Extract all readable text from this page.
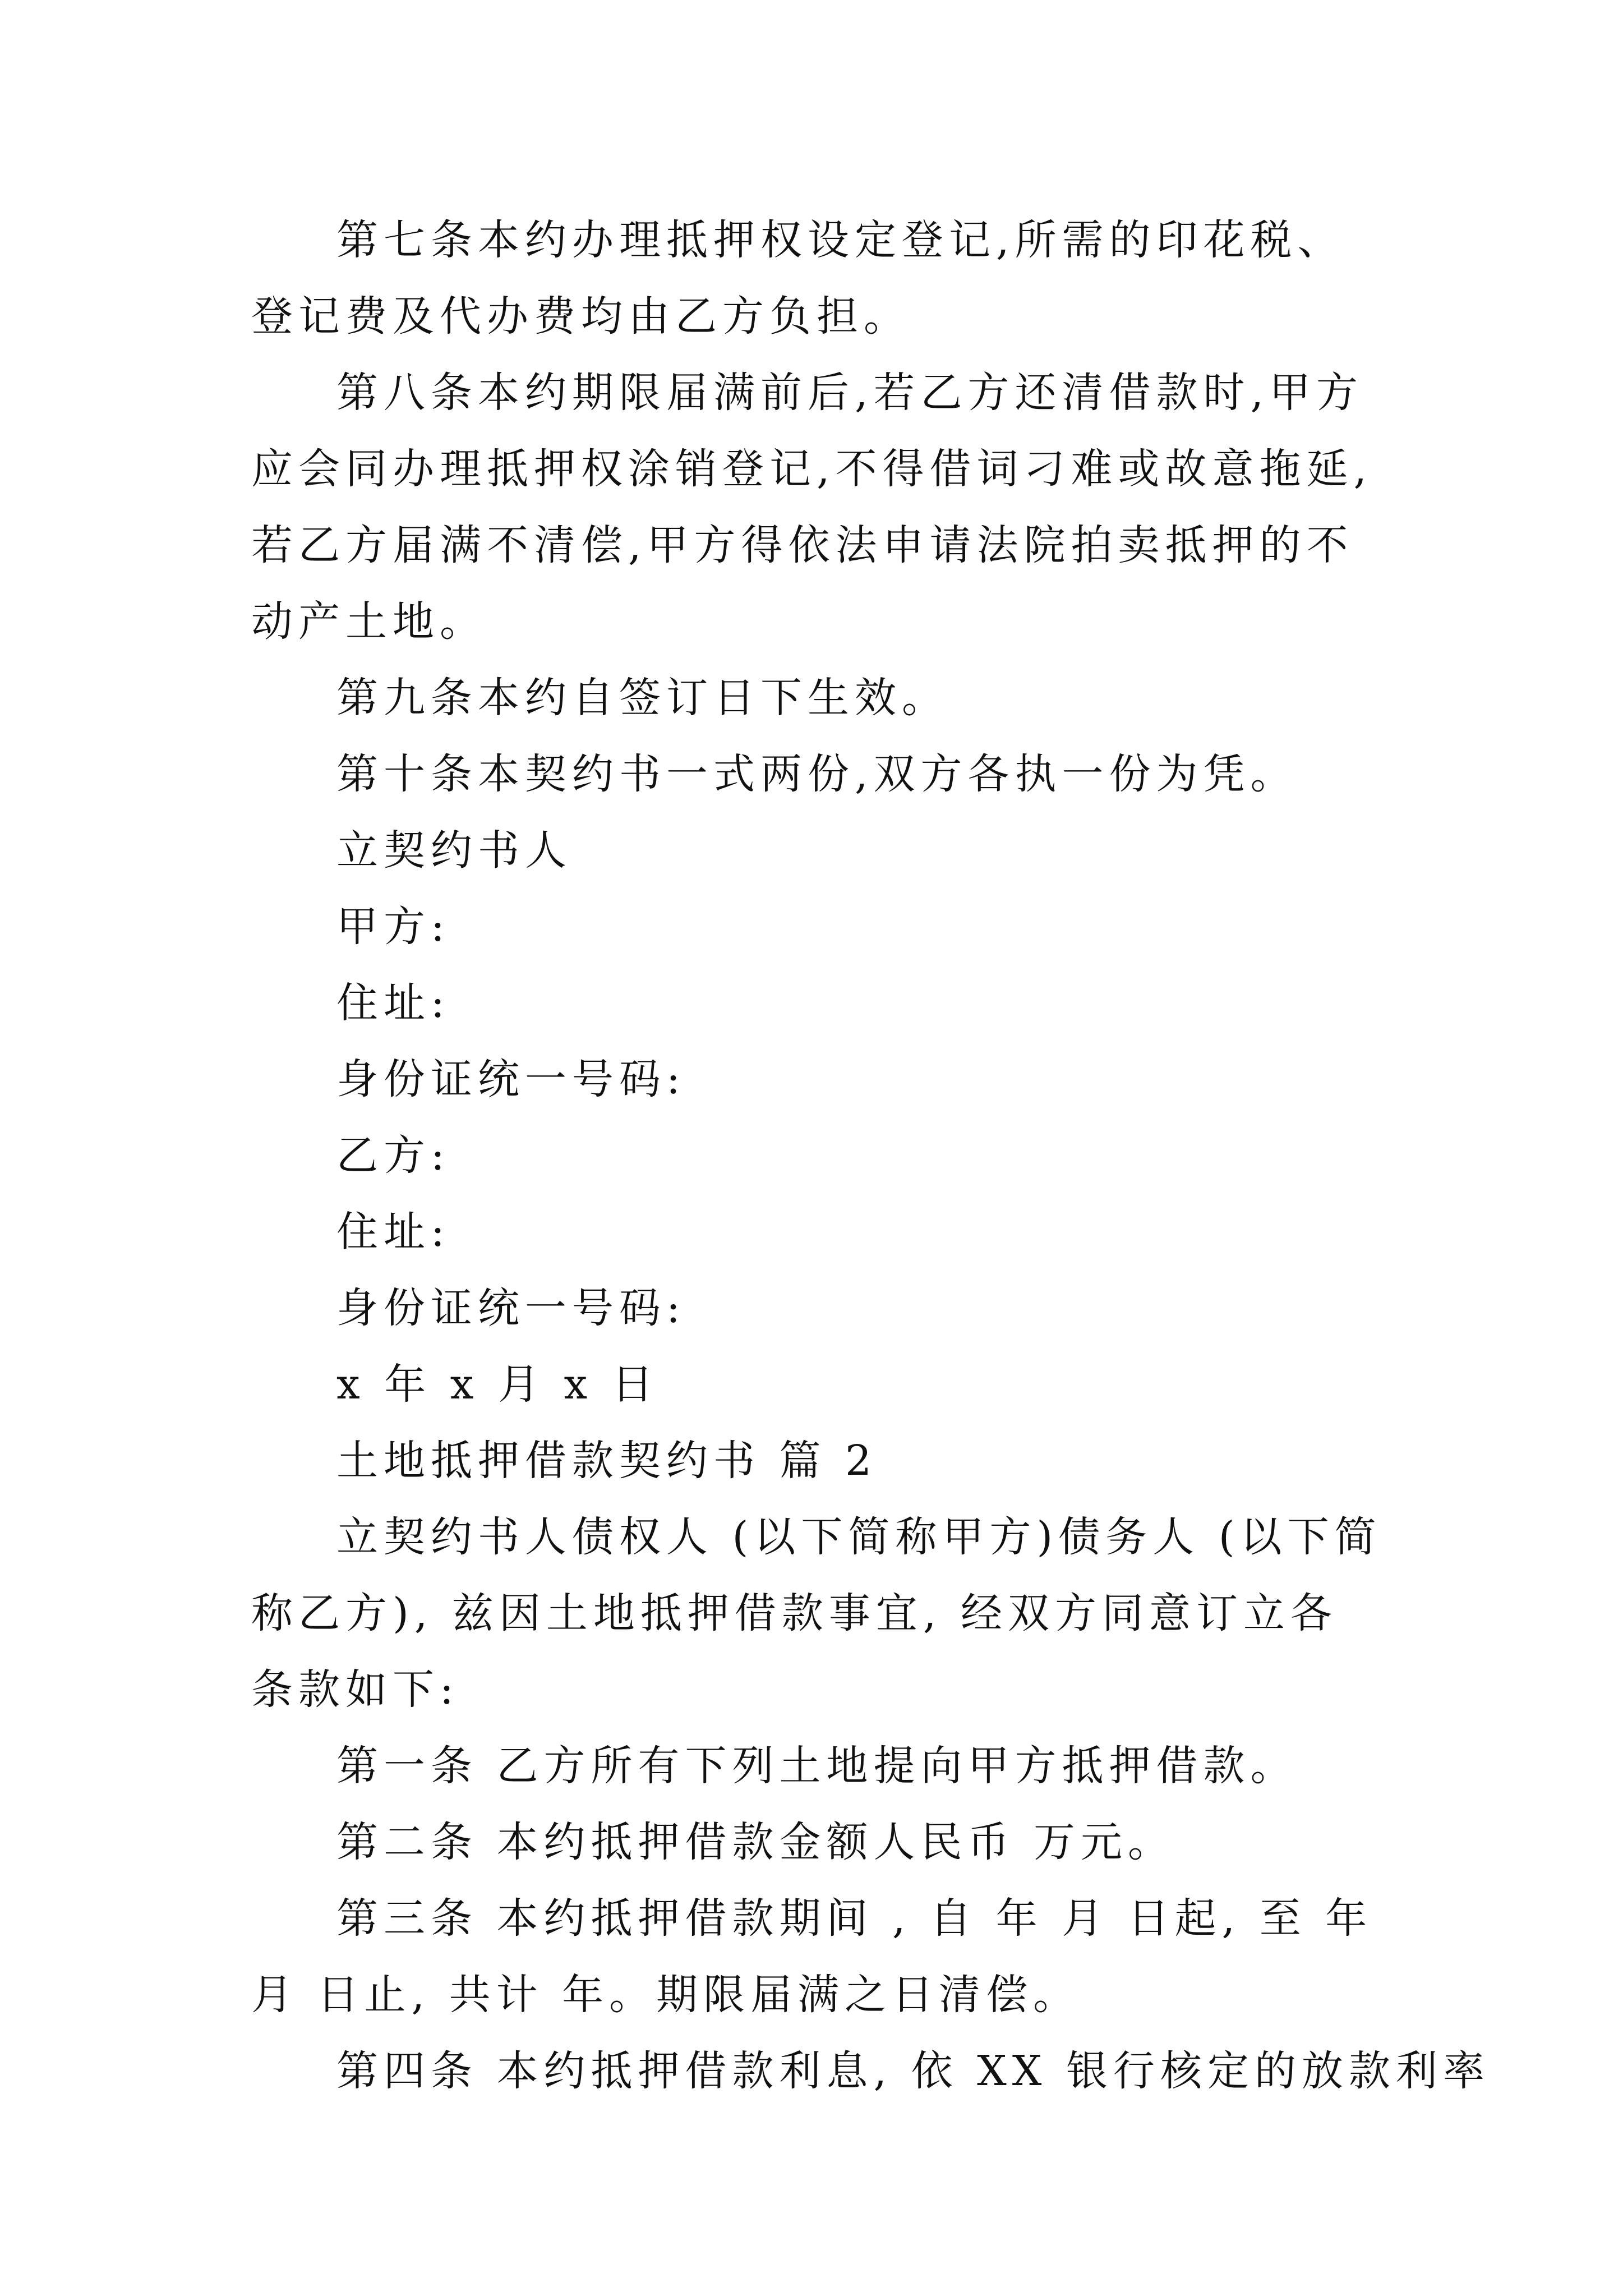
第七条本约办理抵押权设定登记,所需的印花税、登记费及代办费均由乙方负担。

第八条本约期限届满前后,若乙方还清借款时,甲方应会同办理抵押权涂销登记,不得借词刁难或故意拖延,若乙方届满不清偿,甲方得依法申请法院拍卖抵押的不动产土地。

第九条本约自签订日下生效。

第十条本契约书一式两份,双方各执一份为凭。

立契约书人

甲方:

住址:

身份证统一号码:

乙方:

住址:

身份证统一号码:

x 年 x 月 x 日

土地抵押借款契约书 篇 2

立契约书人债权人 (以下简称甲方)债务人 (以下简称乙方), 兹因土地抵押借款事宜, 经双方同意订立各条款如下:

第一条 乙方所有下列土地提向甲方抵押借款。

第二条 本约抵押借款金额人民币 万元。

第三条 本约抵押借款期间 , 自 年 月 日起, 至 年 月 日止, 共计 年。期限届满之日清偿。

第四条 本约抵押借款利息, 依 XX 银行核定的放款利率
